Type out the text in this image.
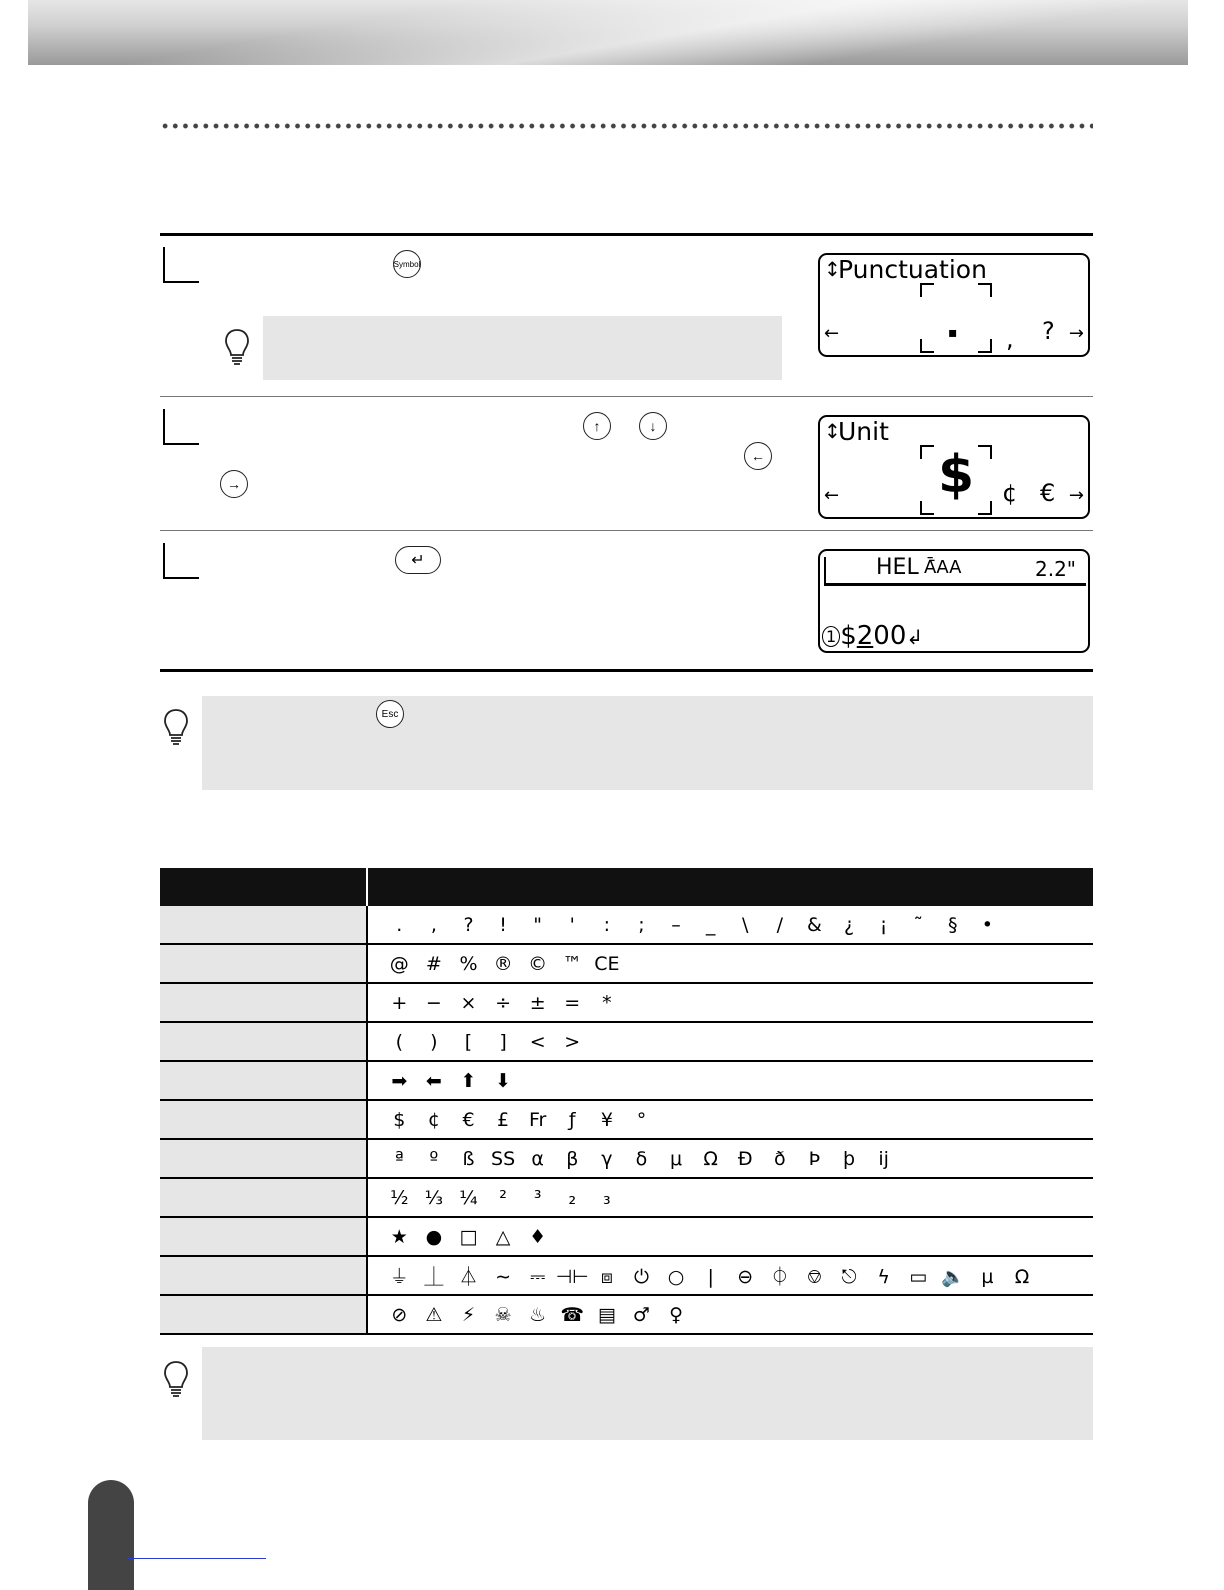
Symbol	↕
Punctuation
←	▪ , ? →
↑	↓
←
→
↕
Unit
← $ ¢ € →
↵	HEL Ā̄AA	2.2"
1 $200↲
Esc

	. , ? ! " ' : ; – _ \ / & ¿ ¡ ˜ § •
	@ # % ® © ™ CE
	+ − × ÷ ± = *
	( ) [ ] < >
	➡ ⬅ ⬆ ⬇
	$ ¢ € £ Fr ƒ ¥ °
	ª º ß SS α β γ δ μ Ω Đ ð Þ þ ĳ
	½ ⅓ ¼ ² ³ ₂ ₃
	★ ● □ △ ♦
	⏚ ⏊ ⏃ ∼ ⎓ ⊣⊢ ⧈ ⏻ ○ | ⊖ ⏀ ⎊ ⎋ ϟ ▭ 🔈 µ Ω
	⊘ ⚠ ⚡ ☠ ♨ ☎ ▤ ♂ ♀
